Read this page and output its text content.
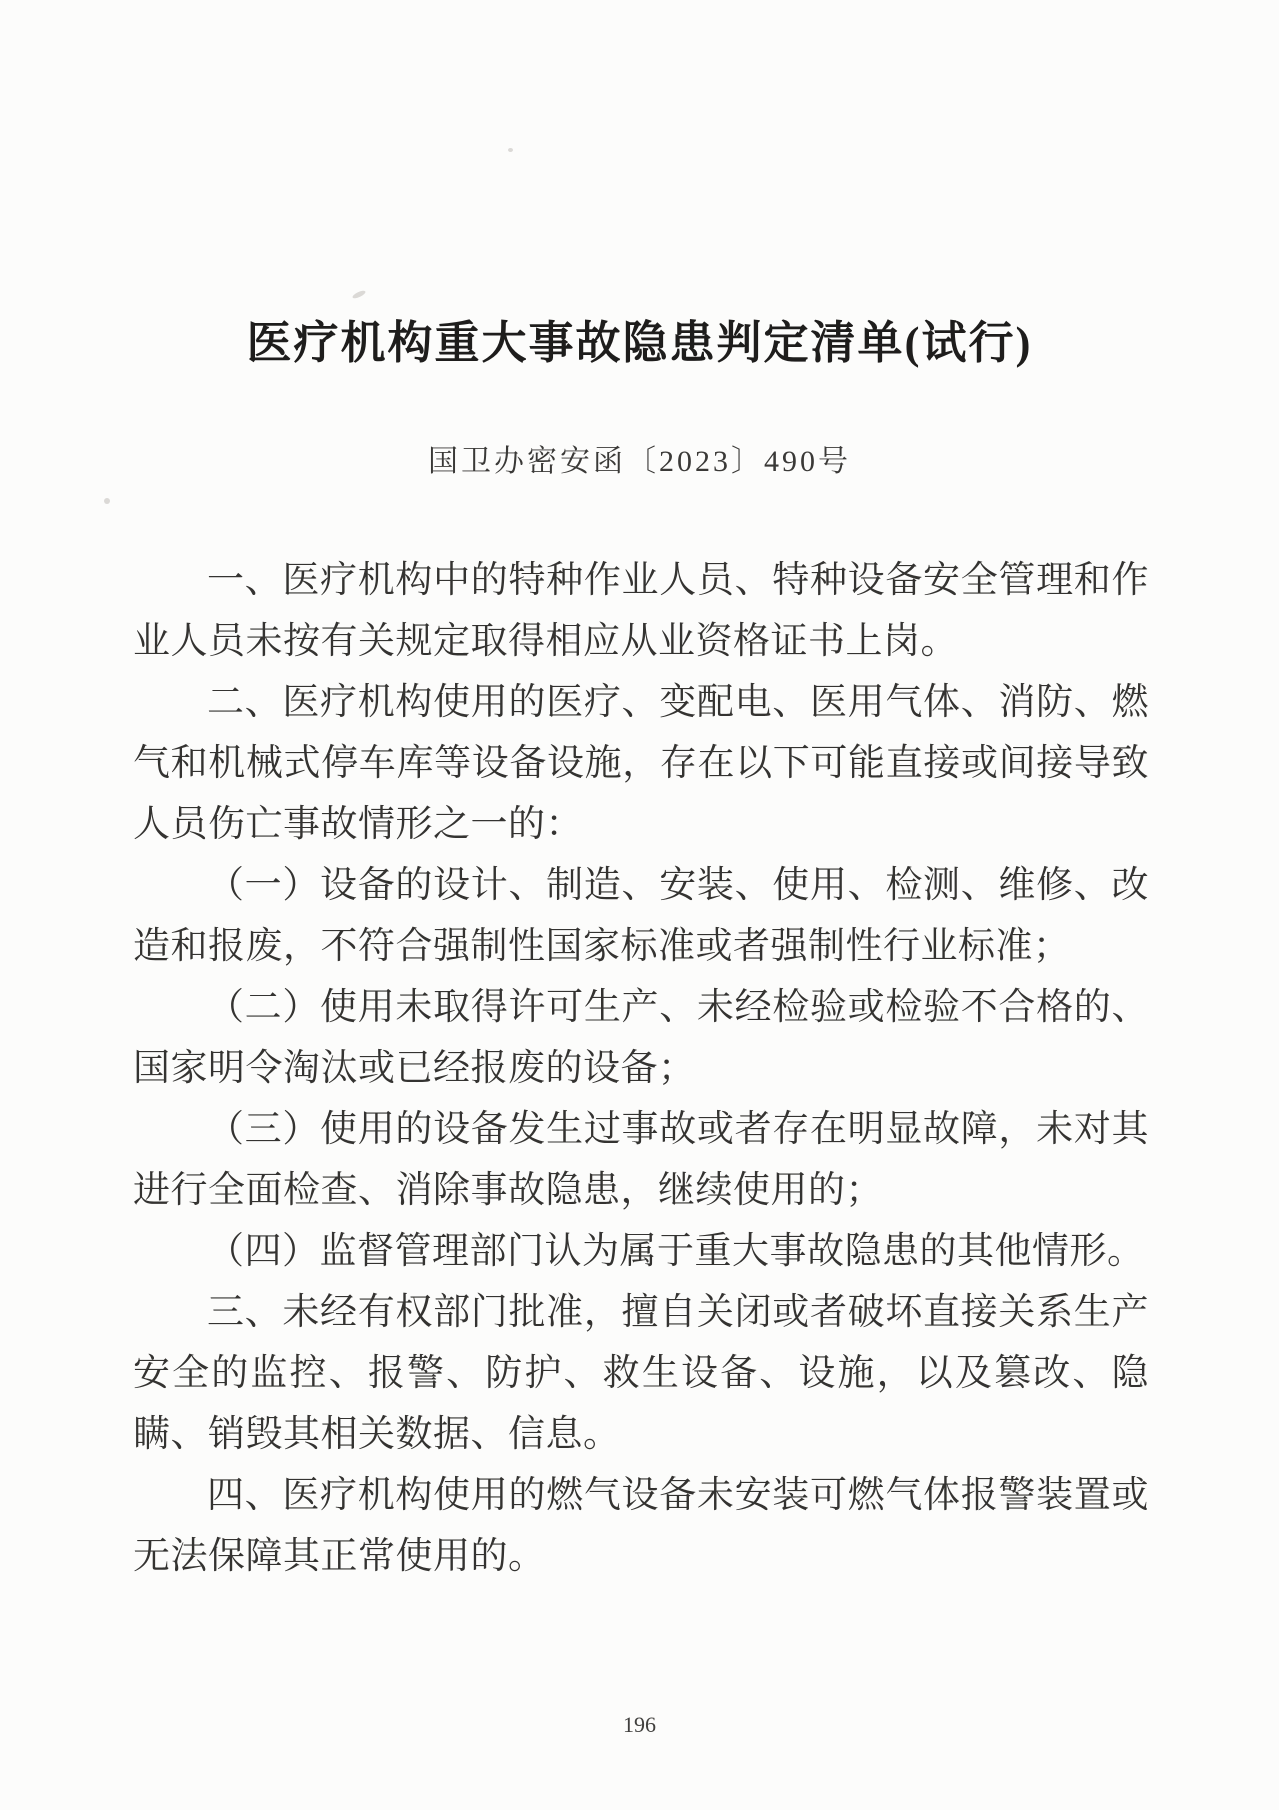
医疗机构重大事故隐患判定清单(试行)
国卫办密安函〔2023〕490号

一、医疗机构中的特种作业人员、特种设备安全管理和作业人员未按有关规定取得相应从业资格证书上岗。

二、医疗机构使用的医疗、变配电、医用气体、消防、燃气和机械式停车库等设备设施，存在以下可能直接或间接导致人员伤亡事故情形之一的：

（一）设备的设计、制造、安装、使用、检测、维修、改造和报废，不符合强制性国家标准或者强制性行业标准；

（二）使用未取得许可生产、未经检验或检验不合格的、国家明令淘汰或已经报废的设备；

（三）使用的设备发生过事故或者存在明显故障，未对其进行全面检查、消除事故隐患，继续使用的；

（四）监督管理部门认为属于重大事故隐患的其他情形。

三、未经有权部门批准，擅自关闭或者破坏直接关系生产安全的监控、报警、防护、救生设备、设施，以及篡改、隐瞒、销毁其相关数据、信息。

四、医疗机构使用的燃气设备未安装可燃气体报警装置或无法保障其正常使用的。

196
